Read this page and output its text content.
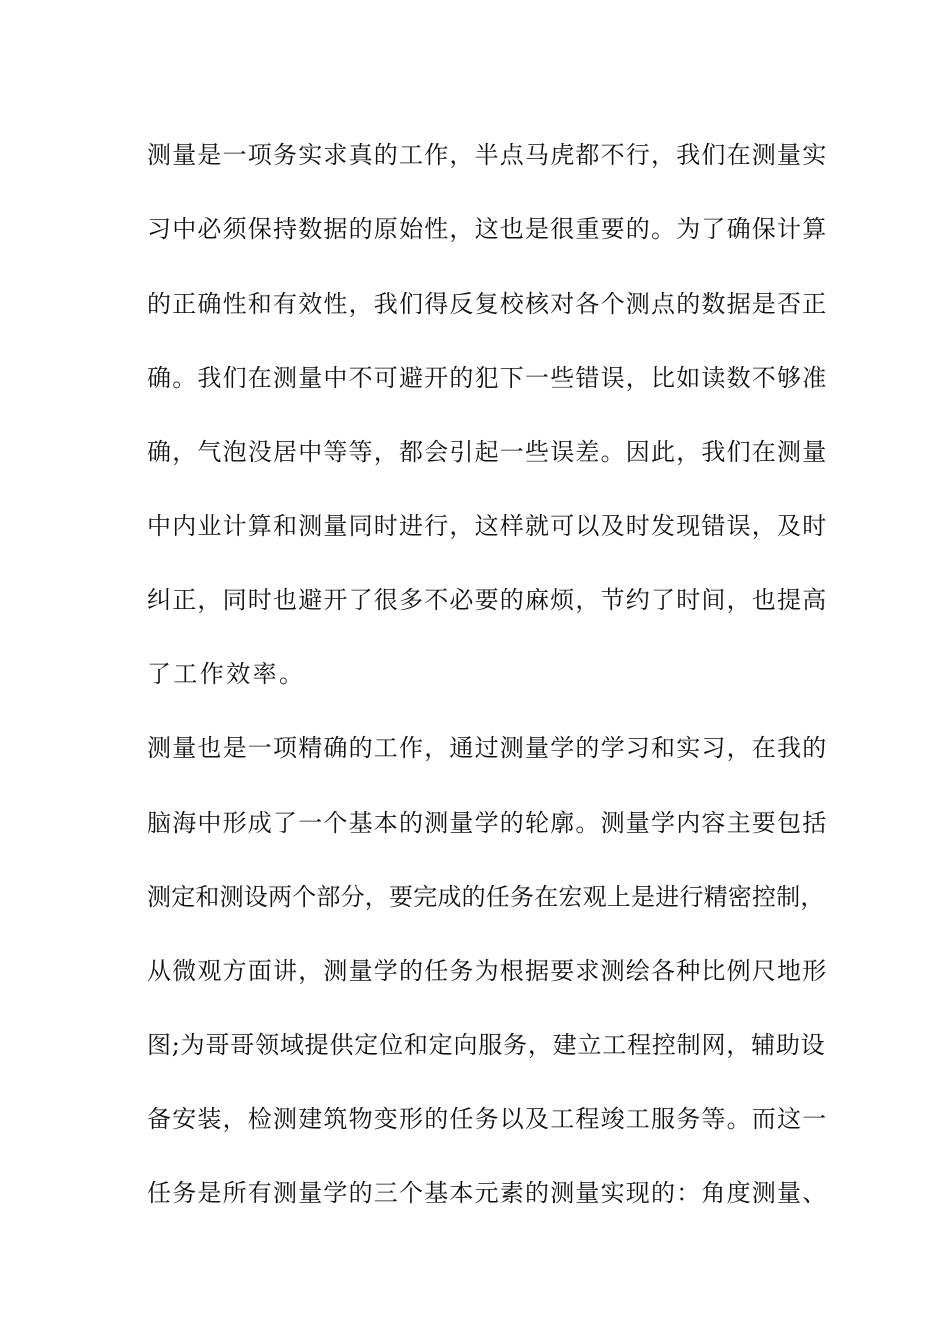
测量是一项务实求真的工作，半点马虎都不行，我们在测量实
习中必须保持数据的原始性，这也是很重要的。为了确保计算
的正确性和有效性，我们得反复校核对各个测点的数据是否正
确。我们在测量中不可避开的犯下一些错误，比如读数不够准
确，气泡没居中等等，都会引起一些误差。因此，我们在测量
中内业计算和测量同时进行，这样就可以及时发现错误，及时
纠正，同时也避开了很多不必要的麻烦，节约了时间，也提高
了工作效率。
测量也是一项精确的工作，通过测量学的学习和实习，在我的
脑海中形成了一个基本的测量学的轮廓。测量学内容主要包括
测定和测设两个部分，要完成的任务在宏观上是进行精密控制，
从微观方面讲，测量学的任务为根据要求测绘各种比例尺地形
图;为哥哥领域提供定位和定向服务，建立工程控制网，辅助设
备安装，检测建筑物变形的任务以及工程竣工服务等。而这一
任务是所有测量学的三个基本元素的测量实现的：角度测量、
